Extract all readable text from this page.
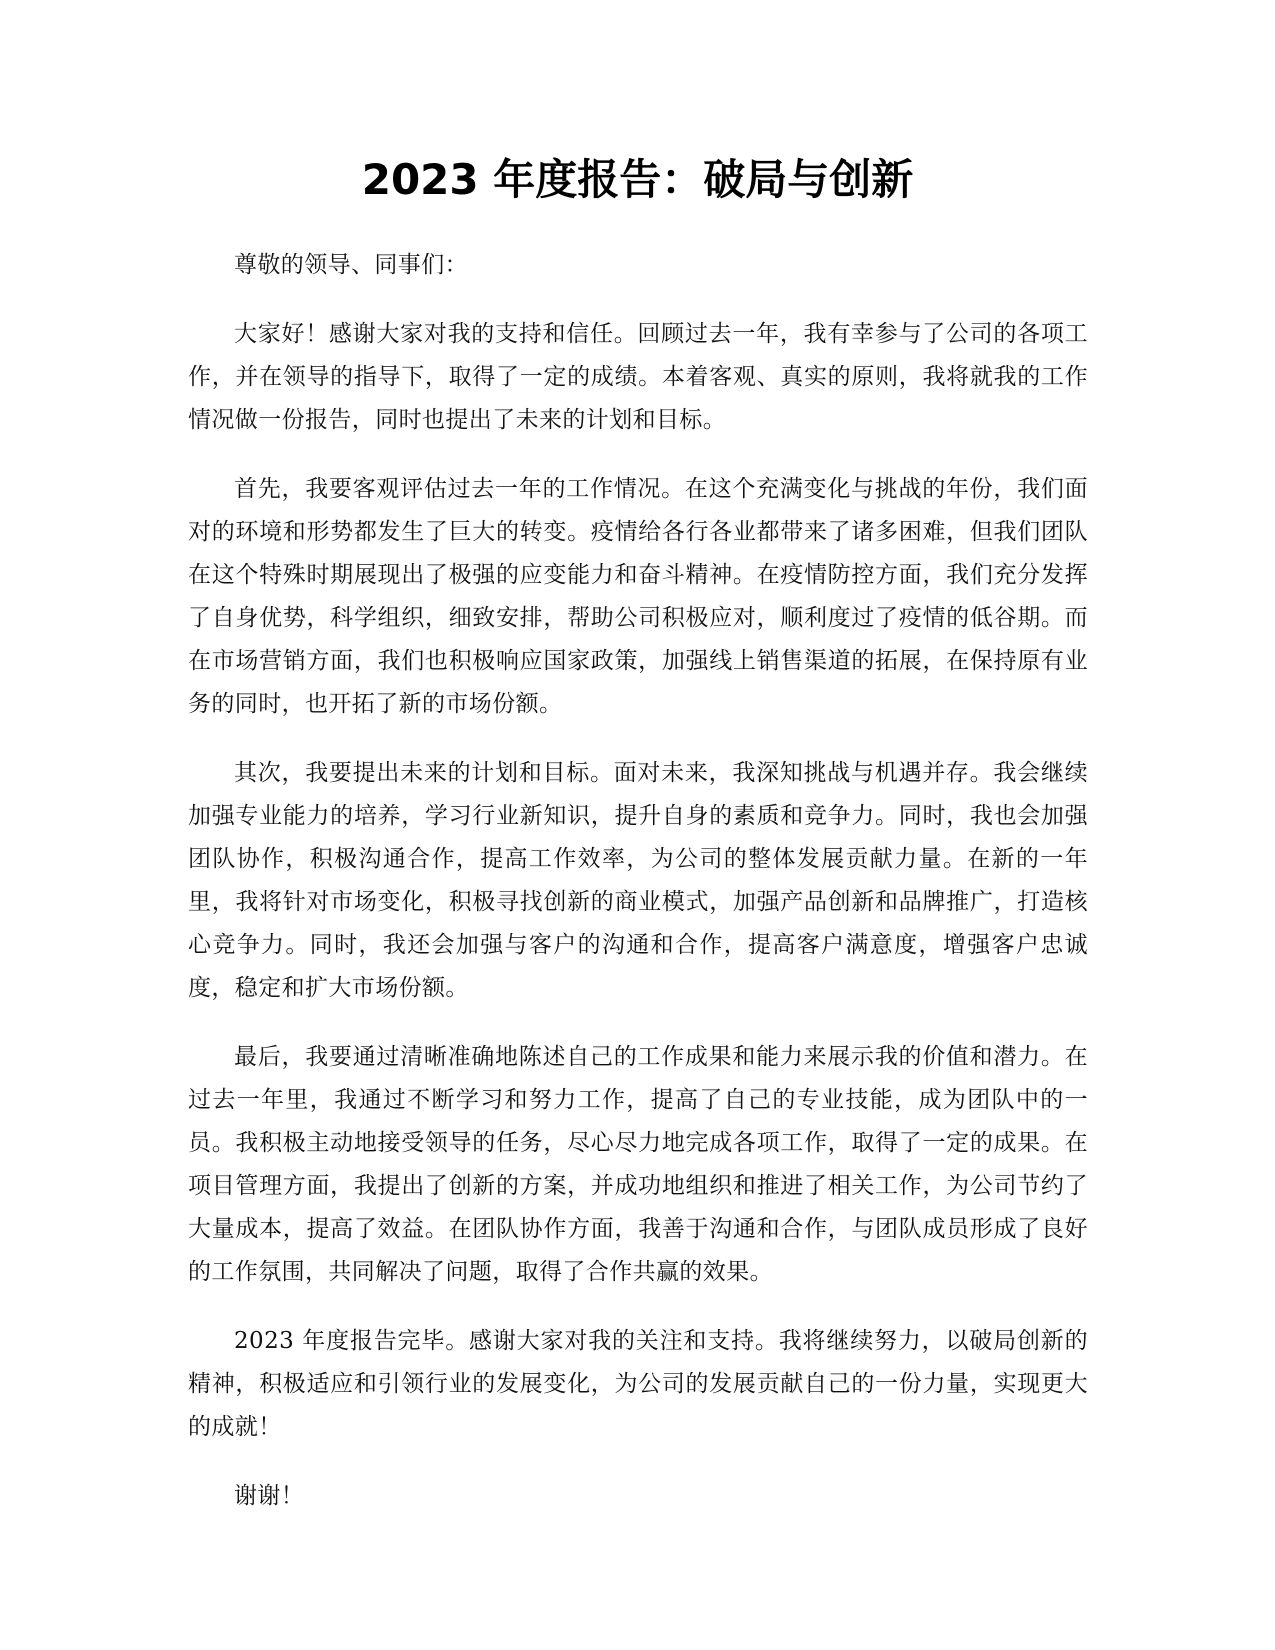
2023 年度报告：破局与创新

尊敬的领导、同事们：

大家好！感谢大家对我的支持和信任。回顾过去一年，我有幸参与了公司的各项工作，并在领导的指导下，取得了一定的成绩。本着客观、真实的原则，我将就我的工作情况做一份报告，同时也提出了未来的计划和目标。

首先，我要客观评估过去一年的工作情况。在这个充满变化与挑战的年份，我们面对的环境和形势都发生了巨大的转变。疫情给各行各业都带来了诸多困难，但我们团队在这个特殊时期展现出了极强的应变能力和奋斗精神。在疫情防控方面，我们充分发挥了自身优势，科学组织，细致安排，帮助公司积极应对，顺利度过了疫情的低谷期。而在市场营销方面，我们也积极响应国家政策，加强线上销售渠道的拓展，在保持原有业务的同时，也开拓了新的市场份额。

其次，我要提出未来的计划和目标。面对未来，我深知挑战与机遇并存。我会继续加强专业能力的培养，学习行业新知识，提升自身的素质和竞争力。同时，我也会加强团队协作，积极沟通合作，提高工作效率，为公司的整体发展贡献力量。在新的一年里，我将针对市场变化，积极寻找创新的商业模式，加强产品创新和品牌推广，打造核心竞争力。同时，我还会加强与客户的沟通和合作，提高客户满意度，增强客户忠诚度，稳定和扩大市场份额。

最后，我要通过清晰准确地陈述自己的工作成果和能力来展示我的价值和潜力。在过去一年里，我通过不断学习和努力工作，提高了自己的专业技能，成为团队中的一员。我积极主动地接受领导的任务，尽心尽力地完成各项工作，取得了一定的成果。在项目管理方面，我提出了创新的方案，并成功地组织和推进了相关工作，为公司节约了大量成本，提高了效益。在团队协作方面，我善于沟通和合作，与团队成员形成了良好的工作氛围，共同解决了问题，取得了合作共赢的效果。

2023 年度报告完毕。感谢大家对我的关注和支持。我将继续努力，以破局创新的精神，积极适应和引领行业的发展变化，为公司的发展贡献自己的一份力量，实现更大的成就！

谢谢！
